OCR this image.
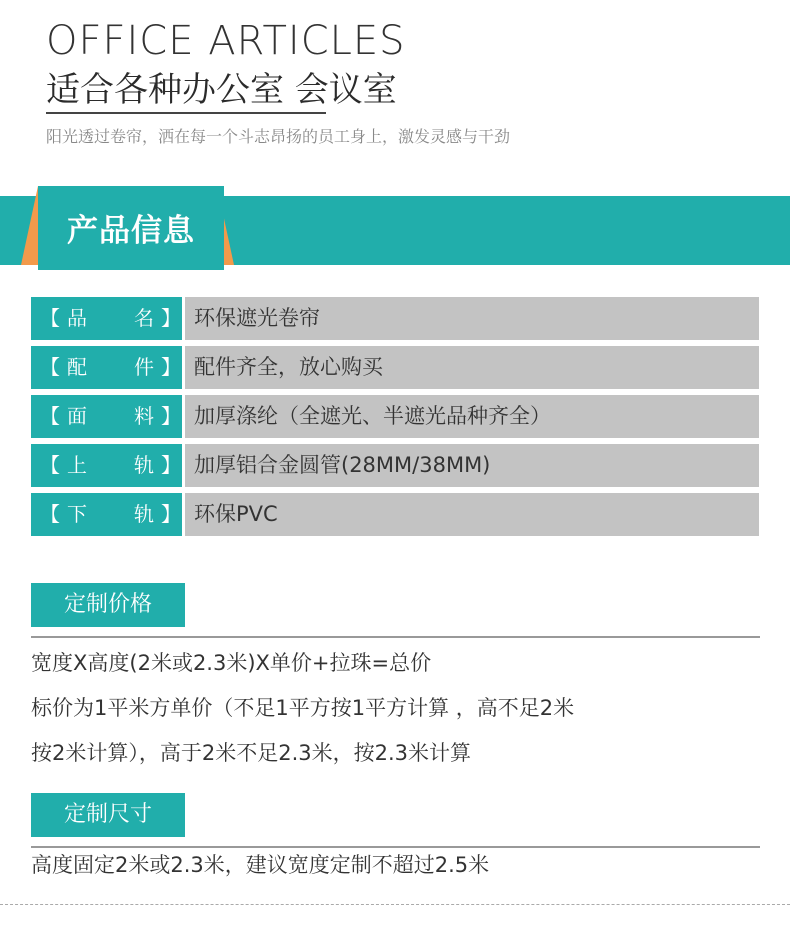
OFFICE ARTICLES
适合各种办公室 会议室
阳光透过卷帘，洒在每一个斗志昂扬的员工身上，激发灵感与干劲
产品信息
【 品 名 】 环保遮光卷帘
【 配 件 】 配件齐全，放心购买
【 面 料 】 加厚涤纶（全遮光、半遮光品种齐全）
【 上 轨 】 加厚铝合金圆管(28MM/38MM)
【 下 轨 】 环保PVC
定制价格
宽度X高度(2米或2.3米)X单价+拉珠=总价
标价为1平米方单价（不足1平方按1平方计算 ，高不足2米
按2米计算），高于2米不足2.3米，按2.3米计算
定制尺寸
高度固定2米或2.3米，建议宽度定制不超过2.5米
